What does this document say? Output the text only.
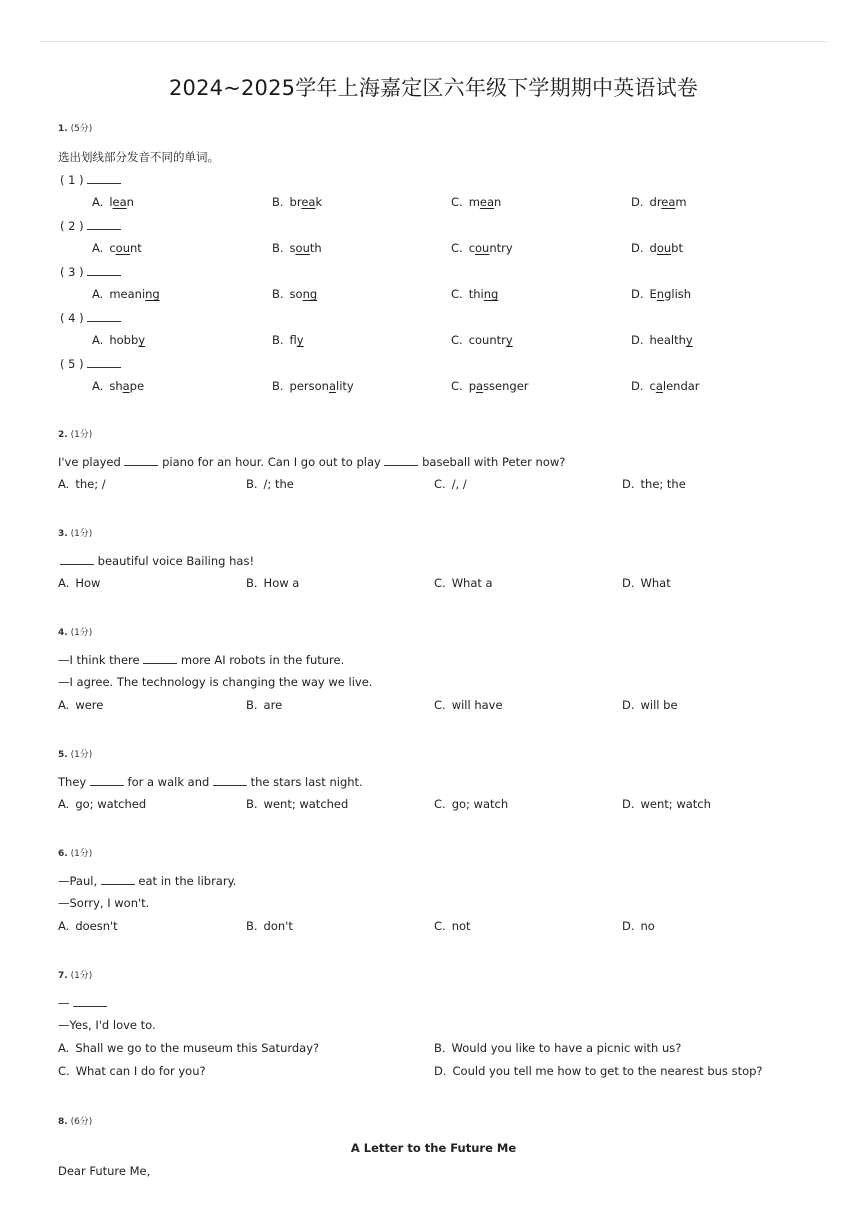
2024~2025学年上海嘉定区六年级下学期期中英语试卷
1. (5分)
选出划线部分发音不同的单词。
( 1 )
A. lean	B. break	C. mean	D. dream
( 2 )
A. count	B. south	C. country	D. doubt
( 3 )
A. meaning	B. song	C. thing	D. English
( 4 )
A. hobby	B. fly	C. country	D. healthy
( 5 )
A. shape	B. personality	C. passenger	D. calendar
2. (1分)
I've played	piano for an hour. Can I go out to play	baseball with Peter now?
A. the; /	B. /; the	C. /, /	D. the; the
3. (1分)
beautiful voice Bailing has!
A. How	B. How a	C. What a	D. What
4. (1分)
—I think there	more AI robots in the future.
—I agree. The technology is changing the way we live.
A. were	B. are	C. will have	D. will be
5. (1分)
They	for a walk and	the stars last night.
A. go; watched	B. went; watched	C. go; watch	D. went; watch
6. (1分)
—Paul,	eat in the library.
—Sorry, I won't.
A. doesn't	B. don't	C. not	D. no
7. (1分)
—
—Yes, I'd love to.
A. Shall we go to the museum this Saturday?	B. Would you like to have a picnic with us?
C. What can I do for you?	D. Could you tell me how to get to the nearest bus stop?
8. (6分)
A Letter to the Future Me
Dear Future Me,
